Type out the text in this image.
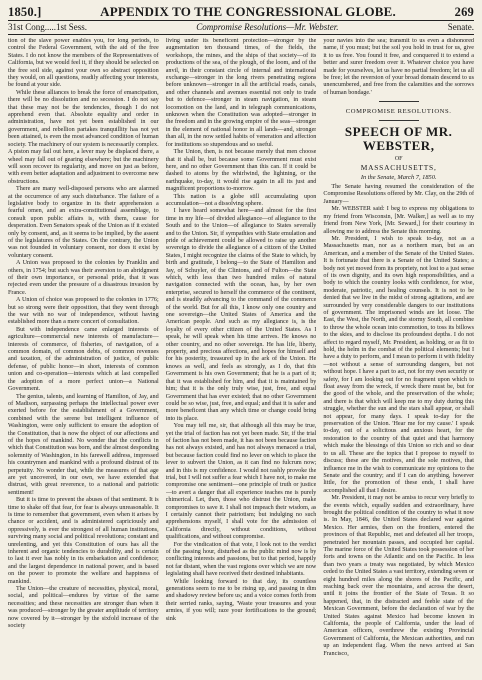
1850.]	APPENDIX TO THE CONGRESSIONAL GLOBE.	269
31st Cong.....1st Sess.	Compromise Resolutions—Mr. Webster.	Senate.

tion of the slave power enables you, for long periods, to control the Federal Government, with the aid of the free States. I do not know the members of the Representatives of California, but we would feel it, if they should be selected on the free soil side, against your own so abstract opposition they would, on all questions, readily affecting your interests, be found at your side.

While these alliances to break the force of emancipation, there will be no dissolution and no secession. I do not say that these may not be the tendencies, though I do not apprehend even that. Absolute equality and order in administration, have not yet been established in our government, and rebellion partakes tranquillity has not yet been attained, is even the most advanced condition of human society. The machinery of our system is necessarily complex. A piston may fail out here, a lever may be displaced there, a wheel may fall out of gearing elsewhere; but the machinery will soon recover its regularity, and move on just as before, with even better adaptation and adjustment to overcome new obstructions.

There are many well-disposed persons who are alarmed at the occurrence of any such disturbance. The failure of a legislative body to organize in its their apprehension a fearful omen, and an extra-constitutional assemblage, to consult upon public affairs is, with them, cause for desperation. Even Senators speak of the Union as if it existed only by consent, and, as it seems to be implied, by the assent of the legislatures of the States. On the contrary, the Union was not founded in voluntary consent, nor does it exist by voluntary consent.

A Union was proposed to the colonies by Franklin and others, in 1754; but such was their aversion to an abridgment of their own importance, or personal pride, that it was rejected even under the pressure of a disastrous invasion by France.

A Union of choice was proposed to the colonies in 1776; but so strong were their opposition, that they went through the war with no war of independence, without having established more than a mere concert of consultation.

But with independence came enlarged interests of agriculture—commercial new interests of manufacture—interests of commerce, of fisheries, of navigation, of a common domain, of common debts, of common revenues and taxation, of the administration of justice, of public defense, of public honor—in short, interests of common union and co-operation—interests which at last compelled the adoption of a more perfect union—a National Government.

The genius, talents, and learning of Hamilton, of Jay, and of Madison, surpassing perhaps the intellectual power ever exerted before for the establishment of a Government, combined with the serene but intelligent influence of Washington, were only sufficient to ensure the adoption of the Constitution, that is now the object of our affections and of the hopes of mankind. No wonder that the conflicts in which that Constitution was born, and the almost desponding solemnity of Washington, in his farewell address, impressed his countrymen and mankind with a profound distrust of its perpetuity. No wonder that, while the measures of that age are yet uncovered, in our own, we have extended that distrust, with great reverence, to a national and patriotic sentiment!

But it is time to prevent the abuses of that sentiment. It is time to shake off that fear, for fear is always unreasonable. It is time to remember that government, even when it arises by chance or accident, and is administered capriciously and oppressively, is ever the strongest of all human institutions, surviving many social and political revolutions; constant and unrelenting, and yet this Constitution of ours has all the inherent and organic tendencies to durability, and is certain to last it ever has nobly in its embarkation and confidence; and the largest dependence in national power, and is based on the power to promote the welfare and happiness of mankind.

The Union—the creature of necessities, physical, moral, social, and political—endures by virtue of the same necessities; and these necessities are stronger than when it was produced—stronger by the greater amplitude of territory now covered by it—stronger by the sixfold increase of the society

living under its beneficent protection—stronger by the augmentation ten thousand times, of the fields, the workshops, the mines, and the ships of that society—of its productions of the sea, of the plough, of the loom, and of the anvil, in their constant circle of internal and international exchange—stronger in the long rivers penetrating regions before unknown—stronger in all the artificial roads, canals, and other channels and avenues essential not only to trade but to defence—stronger in steam navigation, in steam locomotion on the land, and in telegraph communications, unknown when the Constitution was adopted—stronger in the freedom and in the growing empire of the seas—stronger in the element of national honor in all lands—and, stronger than all, in the now settled habits of veneration and affection for institutions so stupendous and so useful.

The Union, then, is not because merely that men choose that it shall be, but because some Government must exist here, and no other Government than this can. If it could be dashed to atoms by the whirlwind, the lightning, or the earthquake, to-day, it would rise again in all its just and magnificent proportions to-morrow.

This nation is a globe still accumulating upon accumulation—not a dissolving sphere.

I have heard somewhat here—and almost for the first time in my life—of divided allegiance—of allegiance to the South and to the Union—of allegiance to States severally and to the Union. Sir, if sympathies with State emulation and pride of achievement could be allowed to raise up another sovereign to divide the allegiance of a citizen of the United States, I might recognize the claims of the State to which, by birth and gratitude, I belong—to the State of Hamilton and Jay, of Schuyler, of the Clintons, and of Fulton—the State which, with less than two hundred miles of natural navigation connected with the ocean, has, by her own enterprise, secured to herself the commerce of the continent, and is steadily advancing to the command of the commerce of the world. But for all this, I know only one country and one sovereign—the United States of America and the American people. And such as my allegiance is, is the loyalty of every other citizen of the United States. As I speak, he will speak when his time arrives. He knows no other country, and no other sovereign. He has life, liberty, property, and precious affections, and hopes for himself and for his posterity, treasured up in the ark of the Union. He knows as well, and feels as strongly, as I do, that this Government is his own Government; that he is a part of it; that it was established for him, and that it is maintained by him; that it is the only truly wise, just, free, and equal Government that has ever existed; that no other Government could be so wise, just, free, and equal; and that it is safer and more beneficent than any which time or change could bring into its place.

You may tell me, sir, that although all this may be true, yet the trial of faction has not yet been made. Sir, if the trial of faction has not been made, it has not been because faction has not always existed, and has not always menaced a trial, but because faction could find no lever on which to place the lever to subvert the Union, as it can find no fulcrum now; and in this is my confidence. I would not rashly provoke the trial, but I will not suffer a fear which I have not, to make me compromise one sentiment—one principle of truth or justice—to avert a danger that all experience teaches me is purely chimerical. Let, then, those who distrust the Union, make compromises to save it. I shall not impeach their wisdom, as I certainly cannot their patriotism; but indulging no such apprehensions myself, I shall vote for the admission of California directly, without conditions, without qualifications, and without compromise.

For the vindication of that vote, I look not to the verdict of the passing hour, disturbed as the public mind now is by conflicting interests and passions, but to that period, happily not far distant, when the vast regions over which we are now legislating shall have received their destined inhabitants.

While looking forward to that day, its countless generations seem to me to be rising up, and passing in dim and shadowy review before us; and a voice comes forth from their serried ranks, saying, 'Waste your treasures and your armies, if you will; raze your fortifications to the ground; sink

your navies into the sea; transmit to us even a dishonored name, if you must; but the soil you hold in trust for us, give it to us free. You found it free, and conquered it to extend a better and surer freedom over it. Whatever choice you have made for yourselves, let us have no partial freedom; let us all be free; let the reversion of your broad domain descend to us unencumbered, and free from the calamities and the sorrows of human bondage.'

COMPROMISE RESOLUTIONS.
SPEECH OF MR. WEBSTER,
OF
MASSACHUSETTS,
In the Senate, March 7, 1850.

The Senate having resumed the consideration of the Compromise Resolutions offered by Mr. Clay, on the 29th of January—

Mr. WEBSTER said: I beg to express my obligations to my friend from Wisconsin, [Mr. Walker,] as well as to my friend from New York, [Mr. Seward,] for their courtesy in allowing me to address the Senate this morning.

Mr. President, I wish to speak to-day, not as a Massachusetts man, nor as a northern man, but as an American, and a member of the Senate of the United States. It is fortunate that there is a Senate of the United States; a body not yet moved from its propriety, not lost to a just sense of its own dignity, and its own high responsibilities, and a body to which the country looks with confidence, for wise, moderate, patriotic, and healing counsels. It is not to be denied that we live in the midst of strong agitations, and are surrounded by very considerable dangers to our institutions of government. The imprisoned winds are let loose. The East, the West, the North, and the stormy South, all combine to throw the whole ocean into commotion, to toss its billows to the skies, and to disclose its profoundest depths. I do not affect to regard myself, Mr. President, as holding, or as fit to hold, the helm in the combat of the political elements; but I have a duty to perform, and I mean to perform it with fidelity—not without a sense of surrounding dangers, but not without hope. I have a part to act, not for my own security or safety, for I am looking out for no fragment upon which to float away from the wreck, if wreck there must be, but for the good of the whole, and the preservation of the whole; and there is that which will keep me to my duty during this struggle, whether the sun and the stars shall appear, or shall not appear, for many days. I speak to-day for the preservation of the Union. 'Hear me for my cause.' I speak to-day, out of a solicitous and anxious heart, for the restoration to the country of that quiet and that harmony which make the blessings of this Union so rich and so dear to us all. These are the topics that I propose to myself to discuss; these are the motives, and the sole motives, that influence me in the wish to communicate my opinions to the Senate and the country; and if I can do anything, however little, for the promotion of these ends, I shall have accomplished all that I desire.

Mr. President, it may not be amiss to recur very briefly to the events which, equally sudden and extraordinary, have brought the political condition of the country to what it now is. In May, 1846, the United States declared war against Mexico. Her armies, then on the frontiers, entered the provinces of that Republic, met and defeated all her troops, penetrated her mountain passes, and occupied her capital. The marine force of the United States took possession of her forts and towns on the Atlantic and on the Pacific. In less than two years a treaty was negotiated, by which Mexico ceded to the United States a vast territory, extending seven or eight hundred miles along the shores of the Pacific, and reaching back over the mountains, and across the desert, until it joins the frontier of the State of Texas. It so happened, that, in the distracted and feeble state of the Mexican Government, before the declaration of war by the United States against Mexico had become known in California, the people of California, under the lead of American officers, overthrew the existing Provincial Government of California, the Mexican authorities, and run up an independent flag. When the news arrived at San Francisco,
